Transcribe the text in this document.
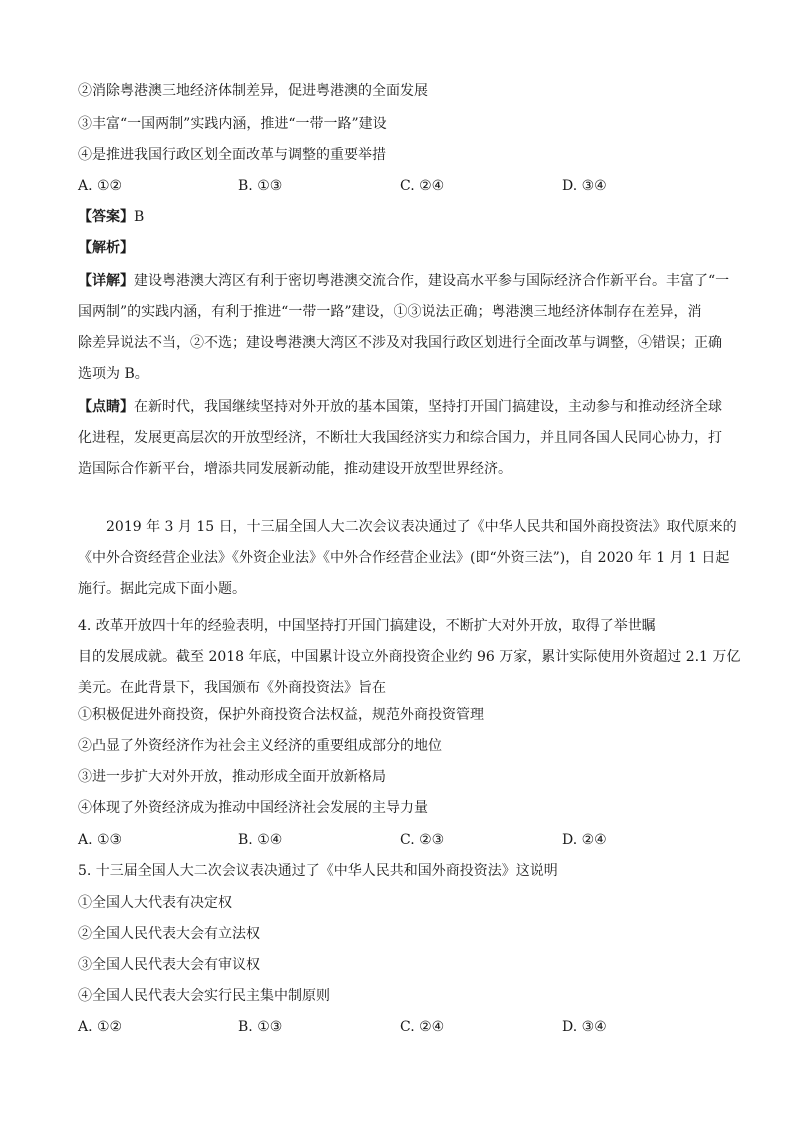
②消除粤港澳三地经济体制差异，促进粤港澳的全面发展
③丰富“一国两制”实践内涵，推进“一带一路”建设
④是推进我国行政区划全面改革与调整的重要举措
A. ①②	B. ①③	C. ②④	D. ③④
【答案】B
【解析】
【详解】建设粤港澳大湾区有利于密切粤港澳交流合作，建设高水平参与国际经济合作新平台。丰富了“一
国两制”的实践内涵，有利于推进“一带一路”建设，①③说法正确；粤港澳三地经济体制存在差异，消
除差异说法不当，②不选；建设粤港澳大湾区不涉及对我国行政区划进行全面改革与调整，④错误；正确
选项为 B。
【点睛】在新时代，我国继续坚持对外开放的基本国策，坚持打开国门搞建设，主动参与和推动经济全球
化进程，发展更高层次的开放型经济，不断壮大我国经济实力和综合国力，并且同各国人民同心协力，打
造国际合作新平台，增添共同发展新动能，推动建设开放型世界经济。
2019 年 3 月 15 日，十三届全国人大二次会议表决通过了《中华人民共和国外商投资法》取代原来的
《中外合资经营企业法》《外资企业法》《中外合作经营企业法》(即“外资三法”)，自 2020 年 1 月 1 日起
施行。据此完成下面小题。
4. 改革开放四十年的经验表明，中国坚持打开国门搞建设，不断扩大对外开放，取得了举世瞩
目的发展成就。截至 2018 年底，中国累计设立外商投资企业约 96 万家，累计实际使用外资超过 2.1 万亿
美元。在此背景下，我国颁布《外商投资法》旨在
①积极促进外商投资，保护外商投资合法权益，规范外商投资管理
②凸显了外资经济作为社会主义经济的重要组成部分的地位
③进一步扩大对外开放，推动形成全面开放新格局
④体现了外资经济成为推动中国经济社会发展的主导力量
A. ①③	B. ①④	C. ②③	D. ②④
5. 十三届全国人大二次会议表决通过了《中华人民共和国外商投资法》这说明
①全国人大代表有决定权
②全国人民代表大会有立法权
③全国人民代表大会有审议权
④全国人民代表大会实行民主集中制原则
A. ①②	B. ①③	C. ②④	D. ③④
